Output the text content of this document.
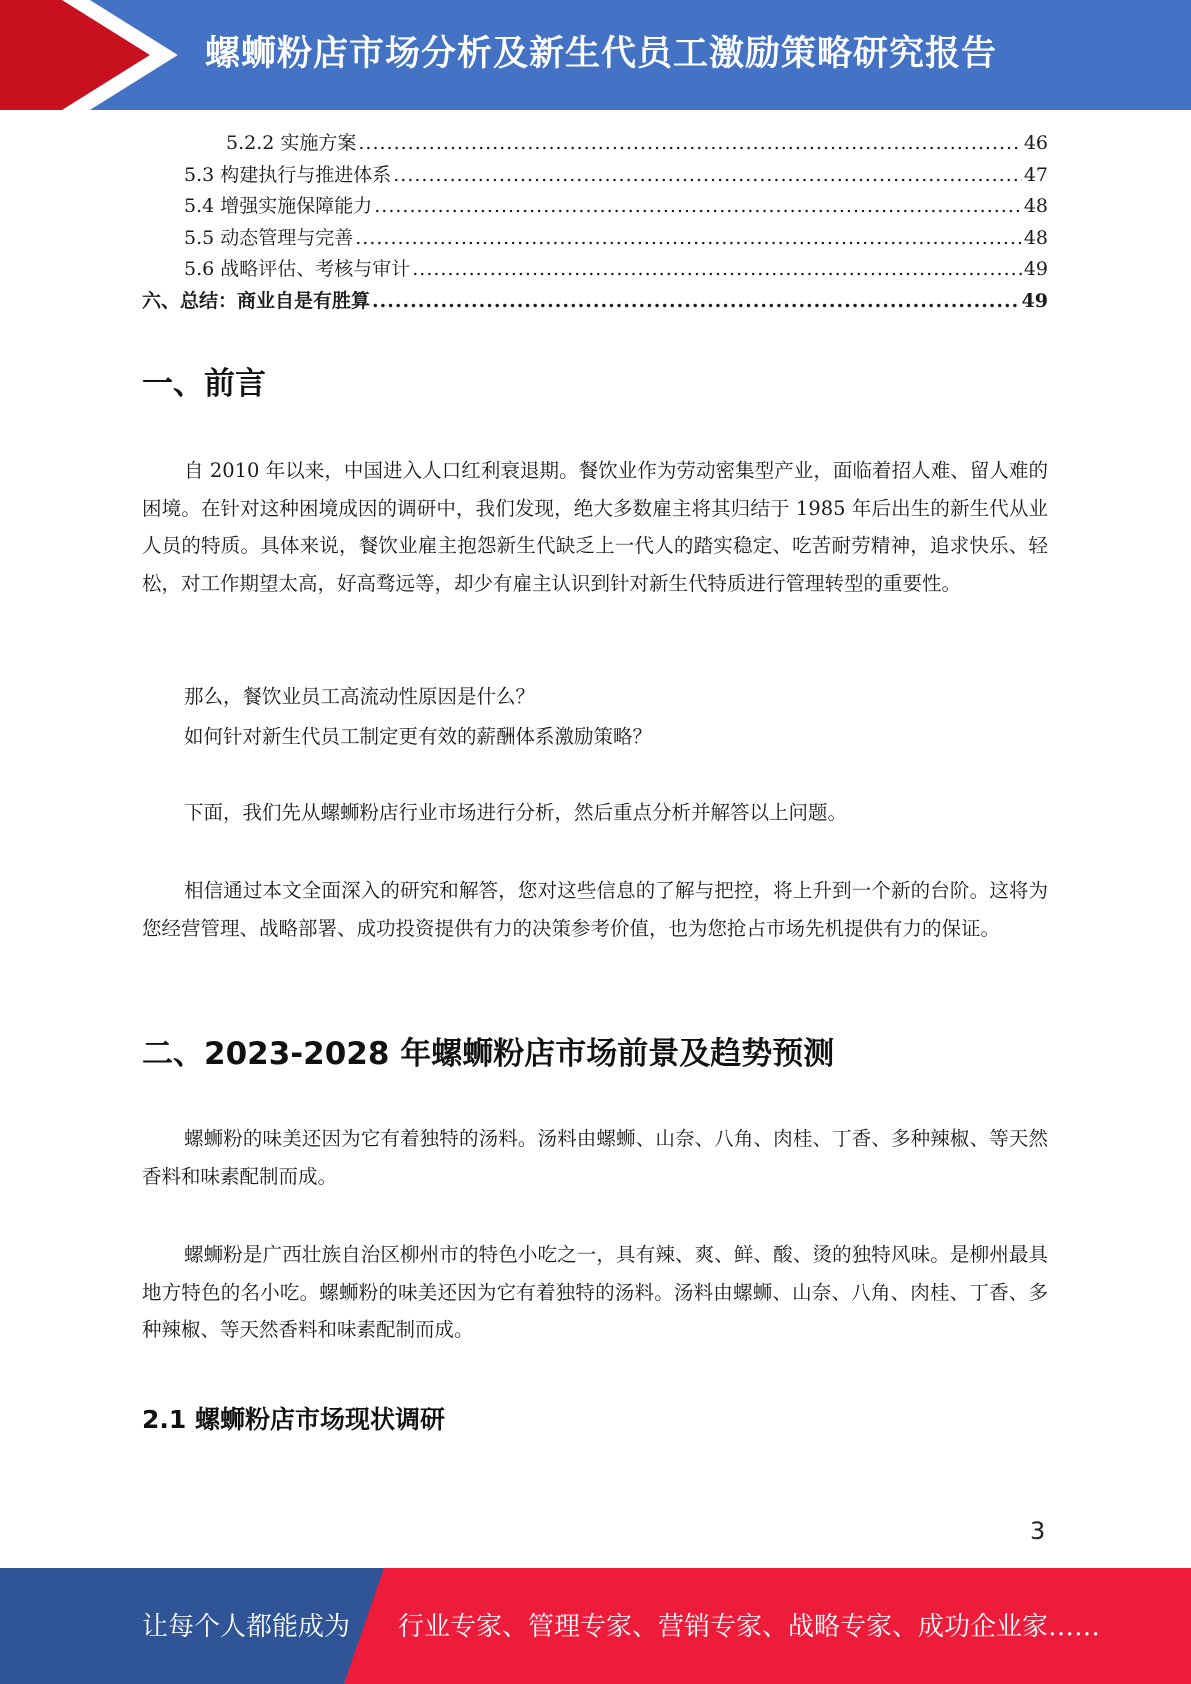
螺蛳粉店市场分析及新生代员工激励策略研究报告
5.2.2 实施方案 .....	46
5.3 构建执行与推进体系 .....	47
5.4 增强实施保障能力 .....	48
5.5 动态管理与完善 .....	48
5.6 战略评估、考核与审计 .....	49
六、总结：商业自是有胜算 .....	49
一、前言

自 2010 年以来，中国进入人口红利衰退期。餐饮业作为劳动密集型产业，面临着招人难、留人难的困境。在针对这种困境成因的调研中，我们发现，绝大多数雇主将其归结于 1985 年后出生的新生代从业人员的特质。具体来说，餐饮业雇主抱怨新生代缺乏上一代人的踏实稳定、吃苦耐劳精神，追求快乐、轻松，对工作期望太高，好高骛远等，却少有雇主认识到针对新生代特质进行管理转型的重要性。

那么，餐饮业员工高流动性原因是什么？
如何针对新生代员工制定更有效的薪酬体系激励策略？
下面，我们先从螺蛳粉店行业市场进行分析，然后重点分析并解答以上问题。

相信通过本文全面深入的研究和解答，您对这些信息的了解与把控，将上升到一个新的台阶。这将为您经营管理、战略部署、成功投资提供有力的决策参考价值，也为您抢占市场先机提供有力的保证。

二、2023-2028 年螺蛳粉店市场前景及趋势预测

螺蛳粉的味美还因为它有着独特的汤料。汤料由螺蛳、山奈、八角、肉桂、丁香、多种辣椒、等天然香料和味素配制而成。

螺蛳粉是广西壮族自治区柳州市的特色小吃之一，具有辣、爽、鲜、酸、烫的独特风味。是柳州最具地方特色的名小吃。螺蛳粉的味美还因为它有着独特的汤料。汤料由螺蛳、山奈、八角、肉桂、丁香、多种辣椒、等天然香料和味素配制而成。

2.1 螺蛳粉店市场现状调研
3
让每个人都能成为 行业专家、管理专家、营销专家、战略专家、成功企业家……
